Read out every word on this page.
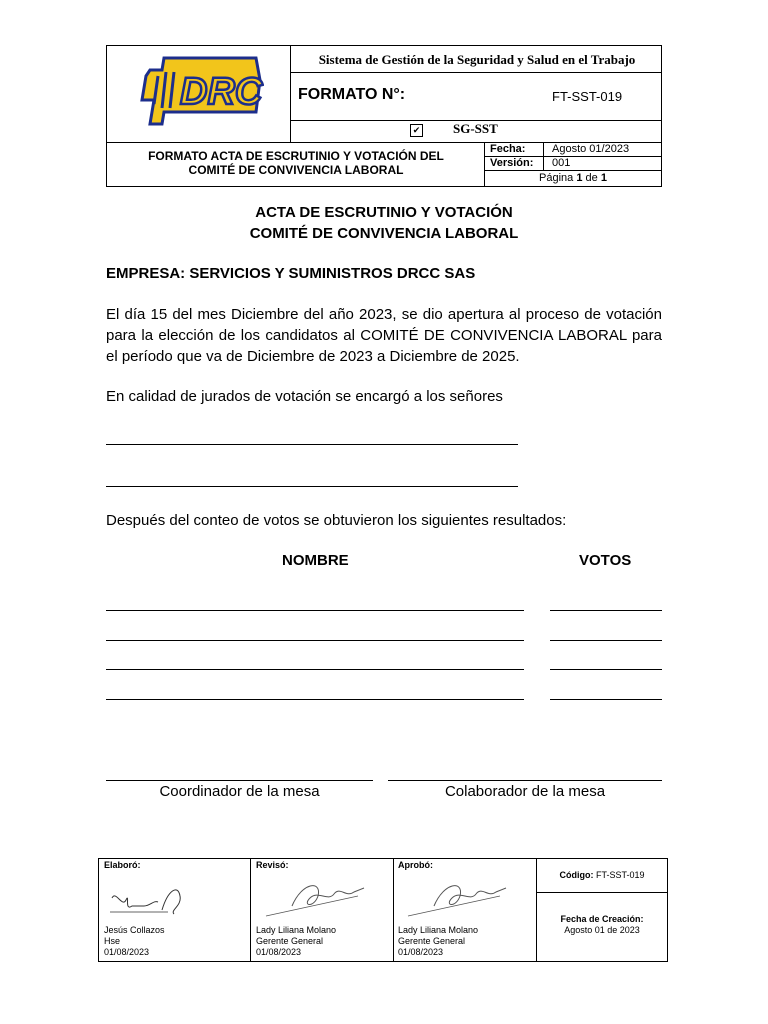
DRC
Sistema de Gestión de la Seguridad y Salud en el Trabajo
FORMATO N°:	FT-SST-019
✔	SG-SST
FORMATO ACTA DE ESCRUTINIO Y VOTACIÓN DEL
COMITÉ DE CONVIVENCIA LABORAL
Fecha: Agosto 01/2023
Versión: 001
Página 1 de 1
ACTA DE ESCRUTINIO Y VOTACIÓN
COMITÉ DE CONVIVENCIA LABORAL
EMPRESA: SERVICIOS Y SUMINISTROS DRCC SAS
El día 15 del mes Diciembre del año 2023, se dio apertura al proceso de votación para la elección de los candidatos al COMITÉ DE CONVIVENCIA LABORAL para el período que va de Diciembre de 2023 a Diciembre de 2025.
En calidad de jurados de votación se encargó a los señores
Después del conteo de votos se obtuvieron los siguientes resultados:
NOMBRE	VOTOS
Coordinador de la mesa	Colaborador de la mesa
Elaboró:
Jesús Collazos
Hse
01/08/2023
Revisó:
Lady Liliana Molano
Gerente General
01/08/2023
Aprobó:
Lady Liliana Molano
Gerente General
01/08/2023
Código: FT-SST-019
Fecha de Creación:
Agosto 01 de 2023
